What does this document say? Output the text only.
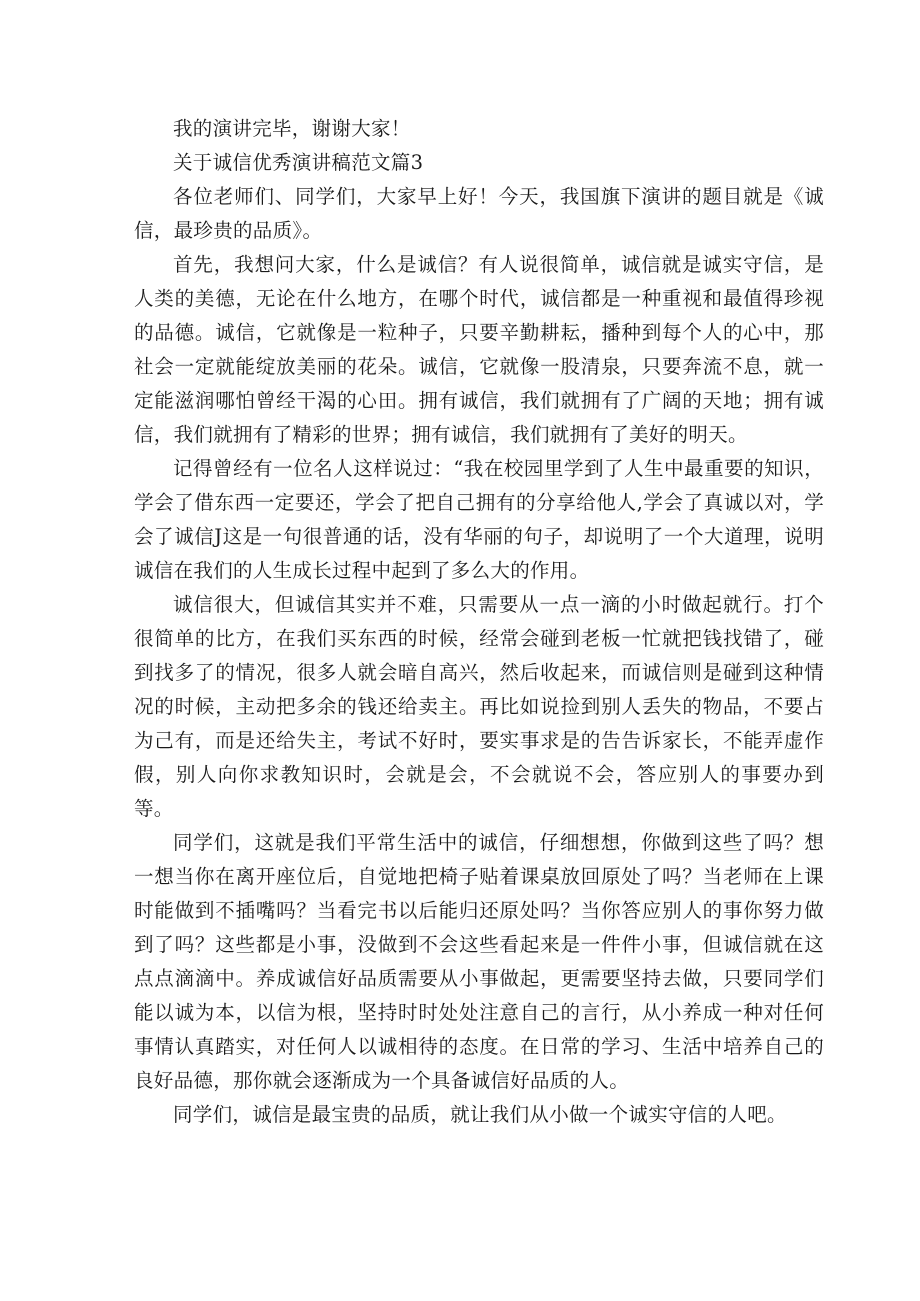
我的演讲完毕，谢谢大家！

关于诚信优秀演讲稿范文篇3

各位老师们、同学们，大家早上好！今天，我国旗下演讲的题目就是《诚信，最珍贵的品质》。

首先，我想问大家，什么是诚信？有人说很简单，诚信就是诚实守信，是人类的美德，无论在什么地方，在哪个时代，诚信都是一种重视和最值得珍视的品德。诚信，它就像是一粒种子，只要辛勤耕耘，播种到每个人的心中，那社会一定就能绽放美丽的花朵。诚信，它就像一股清泉，只要奔流不息，就一定能滋润哪怕曾经干渴的心田。拥有诚信，我们就拥有了广阔的天地；拥有诚信，我们就拥有了精彩的世界；拥有诚信，我们就拥有了美好的明天。

记得曾经有一位名人这样说过：“我在校园里学到了人生中最重要的知识，学会了借东西一定要还，学会了把自己拥有的分享给他人,学会了真诚以对，学会了诚信J这是一句很普通的话，没有华丽的句子，却说明了一个大道理，说明诚信在我们的人生成长过程中起到了多么大的作用。

诚信很大，但诚信其实并不难，只需要从一点一滴的小时做起就行。打个很简单的比方，在我们买东西的时候，经常会碰到老板一忙就把钱找错了，碰到找多了的情况，很多人就会暗自高兴，然后收起来，而诚信则是碰到这种情况的时候，主动把多余的钱还给卖主。再比如说捡到别人丢失的物品，不要占为己有，而是还给失主，考试不好时，要实事求是的告告诉家长，不能弄虚作假，别人向你求教知识时，会就是会，不会就说不会，答应别人的事要办到等。

同学们，这就是我们平常生活中的诚信，仔细想想，你做到这些了吗？想一想当你在离开座位后，自觉地把椅子贴着课桌放回原处了吗？当老师在上课时能做到不插嘴吗？当看完书以后能归还原处吗？当你答应别人的事你努力做到了吗？这些都是小事，没做到不会这些看起来是一件件小事，但诚信就在这点点滴滴中。养成诚信好品质需要从小事做起，更需要坚持去做，只要同学们能以诚为本，以信为根，坚持时时处处注意自己的言行，从小养成一种对任何事情认真踏实，对任何人以诚相待的态度。在日常的学习、生活中培养自己的良好品德，那你就会逐渐成为一个具备诚信好品质的人。

同学们，诚信是最宝贵的品质，就让我们从小做一个诚实守信的人吧。
